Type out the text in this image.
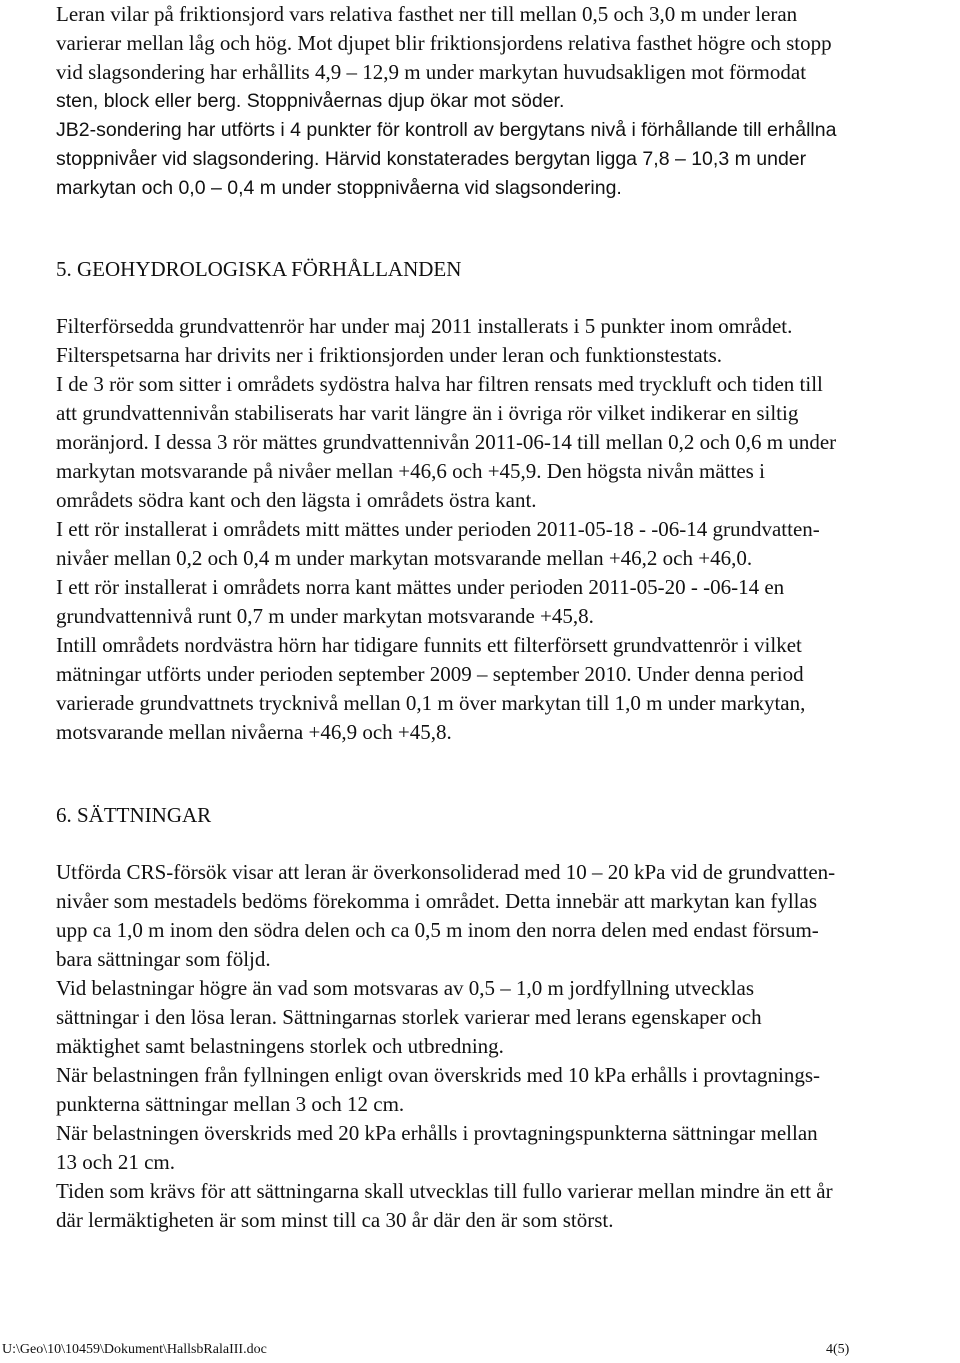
Leran vilar på friktionsjord vars relativa fasthet ner till mellan 0,5 och 3,0 m under leran
varierar mellan låg och hög. Mot djupet blir friktionsjordens relativa fasthet högre och stopp
vid slagsondering har erhållits 4,9 – 12,9 m under markytan huvudsakligen mot förmodat
sten, block eller berg. Stoppnivåernas djup ökar mot söder.
JB2-sondering har utförts i 4 punkter för kontroll av bergytans nivå i förhållande till erhållna
stoppnivåer vid slagsondering. Härvid konstaterades bergytan ligga 7,8 – 10,3 m under
markytan och 0,0 – 0,4 m under stoppnivåerna vid slagsondering.
5. GEOHYDROLOGISKA FÖRHÅLLANDEN
Filterförsedda grundvattenrör har under maj 2011 installerats i 5 punkter inom området.
Filterspetsarna har drivits ner i friktionsjorden under leran och funktionstestats.
I de 3 rör som sitter i områdets sydöstra halva har filtren rensats med tryckluft och tiden till
att grundvattennivån stabiliserats har varit längre än i övriga rör vilket indikerar en siltig
moränjord. I dessa 3 rör mättes grundvattennivån 2011-06-14 till mellan 0,2 och 0,6 m under
markytan motsvarande på nivåer mellan +46,6 och +45,9. Den högsta nivån mättes i
områdets södra kant och den lägsta i områdets östra kant.
I ett rör installerat i områdets mitt mättes under perioden 2011-05-18 - -06-14 grundvatten-
nivåer mellan 0,2 och 0,4 m under markytan motsvarande mellan +46,2 och +46,0.
I ett rör installerat i områdets norra kant mättes under perioden 2011-05-20 - -06-14 en
grundvattennivå runt 0,7 m under markytan motsvarande +45,8.
Intill områdets nordvästra hörn har tidigare funnits ett filterförsett grundvattenrör i vilket
mätningar utförts under perioden september 2009 – september 2010. Under denna period
varierade grundvattnets trycknivå mellan 0,1 m över markytan till 1,0 m under markytan,
motsvarande mellan nivåerna +46,9 och +45,8.
6. SÄTTNINGAR
Utförda CRS-försök visar att leran är överkonsoliderad med 10 – 20 kPa vid de grundvatten-
nivåer som mestadels bedöms förekomma i området. Detta innebär att markytan kan fyllas
upp ca 1,0 m inom den södra delen och ca 0,5 m inom den norra delen med endast försum-
bara sättningar som följd.
Vid belastningar högre än vad som motsvaras av 0,5 – 1,0 m jordfyllning utvecklas
sättningar i den lösa leran. Sättningarnas storlek varierar med lerans egenskaper och
mäktighet samt belastningens storlek och utbredning.
När belastningen från fyllningen enligt ovan överskrids med 10 kPa erhålls i provtagnings-
punkterna sättningar mellan 3 och 12 cm.
När belastningen överskrids med 20 kPa erhålls i provtagningspunkterna sättningar mellan
13 och 21 cm.
Tiden som krävs för att sättningarna skall utvecklas till fullo varierar mellan mindre än ett år
där lermäktigheten är som minst till ca 30 år där den är som störst.
U:\Geo\10\10459\Dokument\HallsbRalaIII.doc	4(5)
